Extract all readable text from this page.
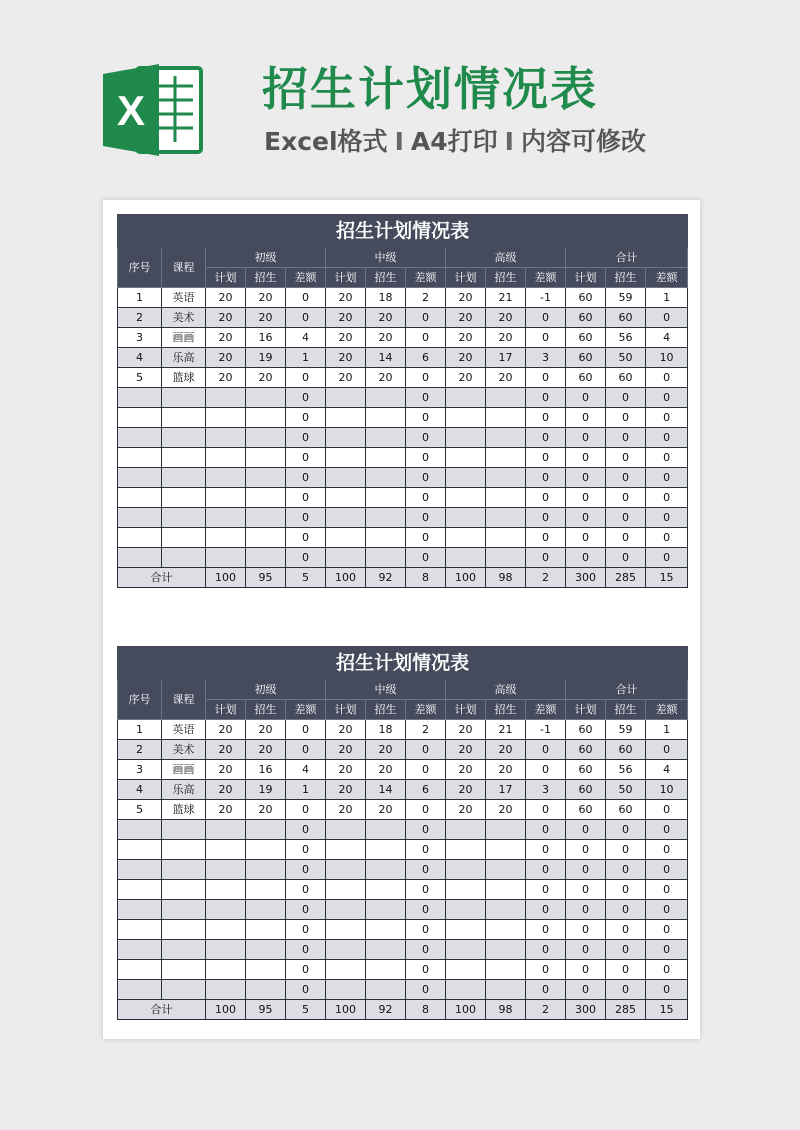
X	招生计划情况表
Excel格式 I A4打印 I 内容可修改
招生计划情况表													
序号	课程	初级			中级			高级			合计		
		计划	招生	差额	计划	招生	差额	计划	招生	差额	计划	招生	差额
1	英语	20	20	0	20	18	2	20	21	-1	60	59	1
2	美术	20	20	0	20	20	0	20	20	0	60	60	0
3	画画	20	16	4	20	20	0	20	20	0	60	56	4
4	乐高	20	19	1	20	14	6	20	17	3	60	50	10
5	篮球	20	20	0	20	20	0	20	20	0	60	60	0
				0			0			0	0	0	0
				0			0			0	0	0	0
				0			0			0	0	0	0
				0			0			0	0	0	0
				0			0			0	0	0	0
				0			0			0	0	0	0
				0			0			0	0	0	0
				0			0			0	0	0	0
				0			0			0	0	0	0
合计		100	95	5	100	92	8	100	98	2	300	285	15
招生计划情况表													
序号	课程	初级			中级			高级			合计		
		计划	招生	差额	计划	招生	差额	计划	招生	差额	计划	招生	差额
1	英语	20	20	0	20	18	2	20	21	-1	60	59	1
2	美术	20	20	0	20	20	0	20	20	0	60	60	0
3	画画	20	16	4	20	20	0	20	20	0	60	56	4
4	乐高	20	19	1	20	14	6	20	17	3	60	50	10
5	篮球	20	20	0	20	20	0	20	20	0	60	60	0
				0			0			0	0	0	0
				0			0			0	0	0	0
				0			0			0	0	0	0
				0			0			0	0	0	0
				0			0			0	0	0	0
				0			0			0	0	0	0
				0			0			0	0	0	0
				0			0			0	0	0	0
				0			0			0	0	0	0
合计		100	95	5	100	92	8	100	98	2	300	285	15
